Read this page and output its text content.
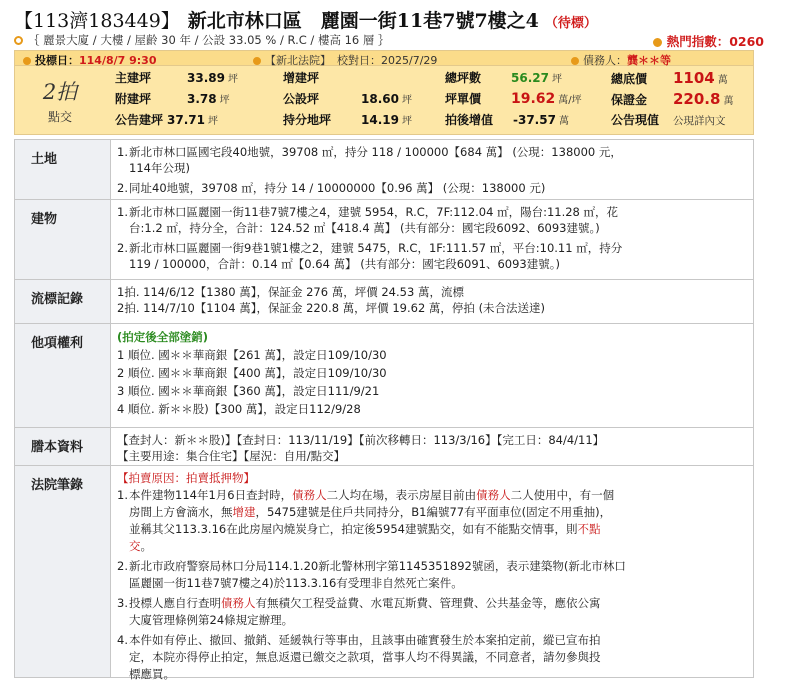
【113濟183449】 新北市林口區　麗園一街11巷7號7樓之4 （待標）
｛ 麗景大廈 / 大樓 / 屋齡 30 年 / 公設 33.05 % / R.C / 樓高 16 層 ｝	熱門指數：0260
投標日：114/8/7 9:30	【新北法院】 校對日：2025/7/29	債務人：龔＊＊等
2拍
點交
主建坪	33.89 坪
附建坪	3.78 坪
公告建坪 37.71 坪
增建坪
公設坪	18.60 坪
持分地坪 14.19 坪
總坪數 56.27 坪
坪單價 19.62 萬/坪
拍後增值 -37.57 萬
總底價 1104 萬
保證金 220.8 萬
公告現值 公現詳內文
土地	1. 新北市林口區國宅段40地號，39708 ㎡，持分 118 / 100000【684 萬】 (公現：138000 元，
114年公現)
2. 同址40地號，39708 ㎡，持分 14 / 10000000【0.96 萬】 (公現：138000 元)
建物	1. 新北市林口區麗園一街11巷7號7樓之4，建號 5954，R.C，7F:112.04 ㎡，陽台:11.28 ㎡，花
台:1.2 ㎡，持分全，合計：124.52 ㎡【418.4 萬】 (共有部分：國宅段6092、6093建號。)
2. 新北市林口區麗園一街9巷1號1樓之2，建號 5475，R.C，1F:111.57 ㎡，平台:10.11 ㎡，持分
119 / 100000，合計：0.14 ㎡【0.64 萬】 (共有部分：國宅段6091、6093建號。)
流標記錄	1拍. 114/6/12【1380 萬】，保証金 276 萬，坪價 24.53 萬，流標
2拍. 114/7/10【1104 萬】，保証金 220.8 萬，坪價 19.62 萬，停拍 (未合法送達)
他項權利	(拍定後全部塗銷)
1 順位. 國＊＊華商銀【261 萬】，設定日109/10/30
2 順位. 國＊＊華商銀【400 萬】，設定日109/10/30
3 順位. 國＊＊華商銀【360 萬】，設定日111/9/21
4 順位. 新＊＊股)【300 萬】，設定日112/9/28
謄本資料	【查封人：新＊＊股)】【查封日：113/11/19】【前次移轉日：113/3/16】【完工日：84/4/11】
【主要用途：集合住宅】【屋況：自用/點交】
法院筆錄	【拍賣原因：拍賣抵押物】
1. 本件建物114年1月6日查封時，債務人二人均在場，表示房屋目前由債務人二人使用中，有一個
房間上方會滴水，無增建，5475建號是住戶共同持分，B1編號77有平面車位(固定不用重抽)，
並稱其父113.3.16在此房屋內燒炭身亡，拍定後5954建號點交，如有不能點交情事，則不點
交。
2. 新北市政府警察局林口分局114.1.20新北警林刑字第1145351892號函，表示建築物(新北市林口
區麗園一街11巷7號7樓之4)於113.3.16有受理非自然死亡案件。
3. 投標人應自行查明債務人有無積欠工程受益費、水電瓦斯費、管理費、公共基金等，應依公寓
大廈管理條例第24條規定辦理。
4. 本件如有停止、撤回、撤銷、延緩執行等事由，且該事由確實發生於本案拍定前，縱已宣布拍
定，本院亦得停止拍定，無息返還已繳交之款項，當事人均不得異議，不同意者，請勿參與投
標應買。
